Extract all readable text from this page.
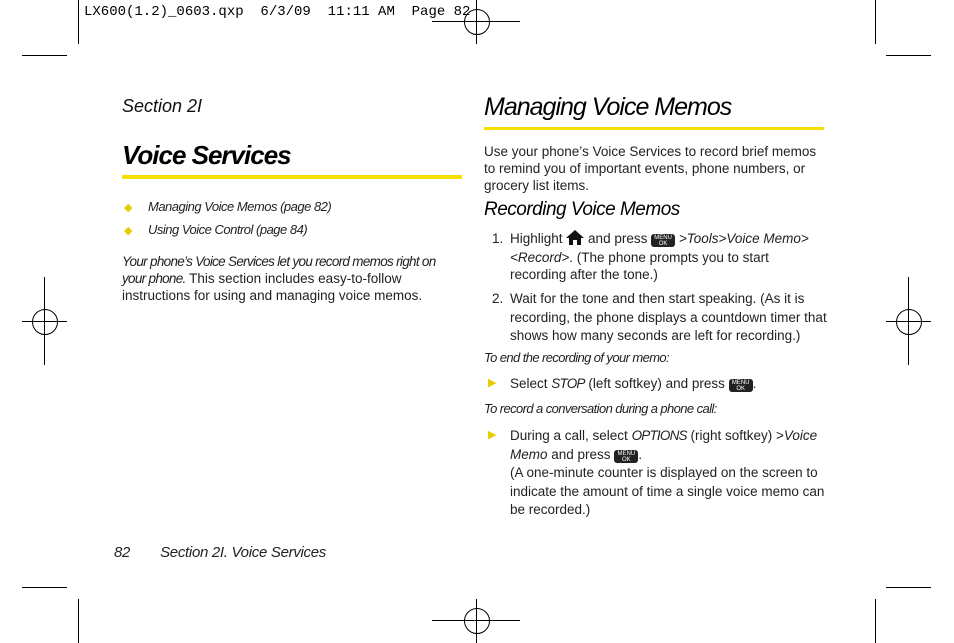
LX600(1.2)_0603.qxp  6/3/09  11:11 AM  Page 82
Section 2I
Voice Services
◆ Managing Voice Memos (page 82)
◆ Using Voice Control (page 84)
Your phone’s Voice Services let you record memos right on your phone. This section includes easy-to-follow instructions for using and managing voice memos.
Managing Voice Memos
Use your phone’s Voice Services to record brief memos to remind you of important events, phone numbers, or grocery list items.
Recording Voice Memos
1. Highlight  and press MENU
OK >Tools>Voice Memo> <Record>. (The phone prompts you to start recording after the tone.)
2. Wait for the tone and then start speaking. (As it is recording, the phone displays a countdown timer that shows how many seconds are left for recording.)
To end the recording of your memo:
▶ Select STOP (left softkey) and press MENU
OK .
To record a conversation during a phone call:
▶ During a call, select OPTIONS (right softkey) >Voice Memo and press MENU
OK .
(A one-minute counter is displayed on the screen to indicate the amount of time a single voice memo can be recorded.)
82 Section 2I. Voice Services
